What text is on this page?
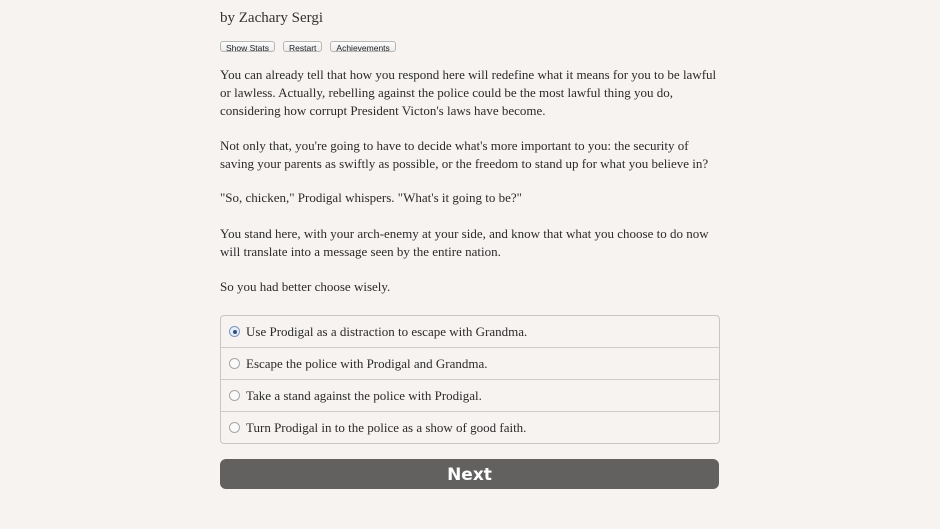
by Zachary Sergi
Show Stats	Restart	Achievements

You can already tell that how you respond here will redefine what it means for you to be lawful or lawless. Actually, rebelling against the police could be the most lawful thing you do, considering how corrupt President Victon's laws have become.

Not only that, you're going to have to decide what's more important to you: the security of saving your parents as swiftly as possible, or the freedom to stand up for what you believe in?

"So, chicken," Prodigal whispers. "What's it going to be?"

You stand here, with your arch-enemy at your side, and know that what you choose to do now will translate into a message seen by the entire nation.

So you had better choose wisely.

Use Prodigal as a distraction to escape with Grandma.
Escape the police with Prodigal and Grandma.
Take a stand against the police with Prodigal.
Turn Prodigal in to the police as a show of good faith.
Next
